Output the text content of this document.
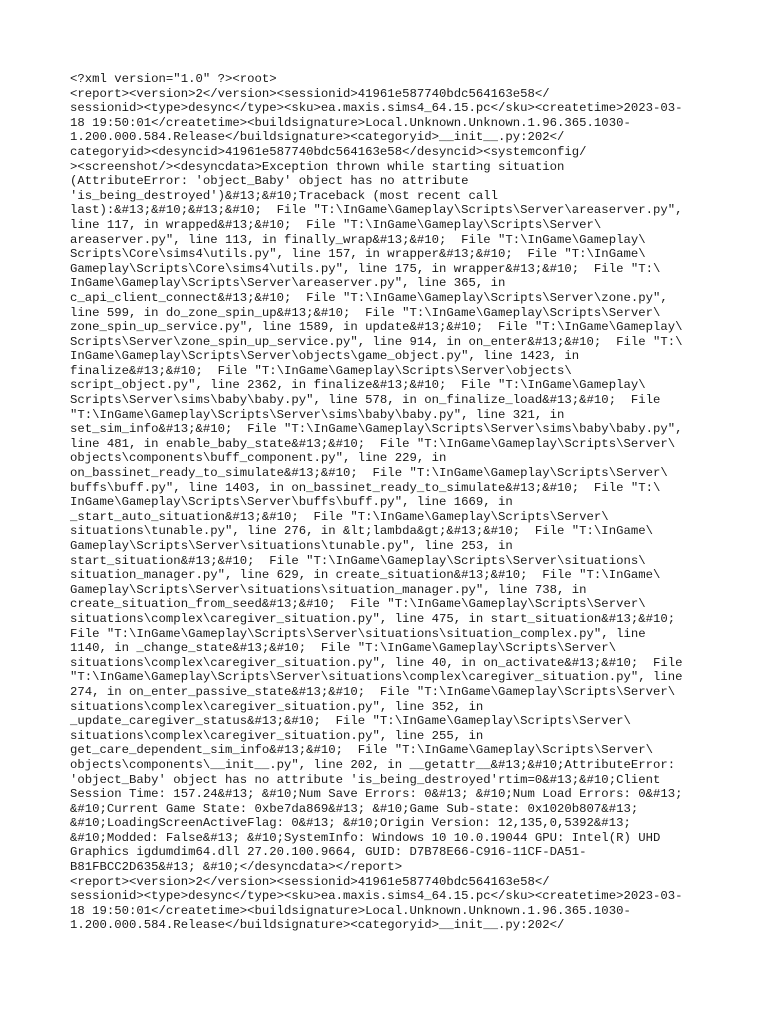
<?xml version="1.0" ?><root>
<report><version>2</version><sessionid>41961e587740bdc564163e58</
sessionid><type>desync</type><sku>ea.maxis.sims4_64.15.pc</sku><createtime>2023-03-
18 19:50:01</createtime><buildsignature>Local.Unknown.Unknown.1.96.365.1030-
1.200.000.584.Release</buildsignature><categoryid>__init__.py:202</
categoryid><desyncid>41961e587740bdc564163e58</desyncid><systemconfig/
><screenshot/><desyncdata>Exception thrown while starting situation
(AttributeError: 'object_Baby' object has no attribute
'is_being_destroyed')&#13;&#10;Traceback (most recent call
last):&#13;&#10;&#13;&#10;  File "T:\InGame\Gameplay\Scripts\Server\areaserver.py",
line 117, in wrapped&#13;&#10;  File "T:\InGame\Gameplay\Scripts\Server\
areaserver.py", line 113, in finally_wrap&#13;&#10;  File "T:\InGame\Gameplay\
Scripts\Core\sims4\utils.py", line 157, in wrapper&#13;&#10;  File "T:\InGame\
Gameplay\Scripts\Core\sims4\utils.py", line 175, in wrapper&#13;&#10;  File "T:\
InGame\Gameplay\Scripts\Server\areaserver.py", line 365, in
c_api_client_connect&#13;&#10;  File "T:\InGame\Gameplay\Scripts\Server\zone.py",
line 599, in do_zone_spin_up&#13;&#10;  File "T:\InGame\Gameplay\Scripts\Server\
zone_spin_up_service.py", line 1589, in update&#13;&#10;  File "T:\InGame\Gameplay\
Scripts\Server\zone_spin_up_service.py", line 914, in on_enter&#13;&#10;  File "T:\
InGame\Gameplay\Scripts\Server\objects\game_object.py", line 1423, in
finalize&#13;&#10;  File "T:\InGame\Gameplay\Scripts\Server\objects\
script_object.py", line 2362, in finalize&#13;&#10;  File "T:\InGame\Gameplay\
Scripts\Server\sims\baby\baby.py", line 578, in on_finalize_load&#13;&#10;  File
"T:\InGame\Gameplay\Scripts\Server\sims\baby\baby.py", line 321, in
set_sim_info&#13;&#10;  File "T:\InGame\Gameplay\Scripts\Server\sims\baby\baby.py",
line 481, in enable_baby_state&#13;&#10;  File "T:\InGame\Gameplay\Scripts\Server\
objects\components\buff_component.py", line 229, in
on_bassinet_ready_to_simulate&#13;&#10;  File "T:\InGame\Gameplay\Scripts\Server\
buffs\buff.py", line 1403, in on_bassinet_ready_to_simulate&#13;&#10;  File "T:\
InGame\Gameplay\Scripts\Server\buffs\buff.py", line 1669, in
_start_auto_situation&#13;&#10;  File "T:\InGame\Gameplay\Scripts\Server\
situations\tunable.py", line 276, in &lt;lambda&gt;&#13;&#10;  File "T:\InGame\
Gameplay\Scripts\Server\situations\tunable.py", line 253, in
start_situation&#13;&#10;  File "T:\InGame\Gameplay\Scripts\Server\situations\
situation_manager.py", line 629, in create_situation&#13;&#10;  File "T:\InGame\
Gameplay\Scripts\Server\situations\situation_manager.py", line 738, in
create_situation_from_seed&#13;&#10;  File "T:\InGame\Gameplay\Scripts\Server\
situations\complex\caregiver_situation.py", line 475, in start_situation&#13;&#10;
File "T:\InGame\Gameplay\Scripts\Server\situations\situation_complex.py", line
1140, in _change_state&#13;&#10;  File "T:\InGame\Gameplay\Scripts\Server\
situations\complex\caregiver_situation.py", line 40, in on_activate&#13;&#10;  File
"T:\InGame\Gameplay\Scripts\Server\situations\complex\caregiver_situation.py", line
274, in on_enter_passive_state&#13;&#10;  File "T:\InGame\Gameplay\Scripts\Server\
situations\complex\caregiver_situation.py", line 352, in
_update_caregiver_status&#13;&#10;  File "T:\InGame\Gameplay\Scripts\Server\
situations\complex\caregiver_situation.py", line 255, in
get_care_dependent_sim_info&#13;&#10;  File "T:\InGame\Gameplay\Scripts\Server\
objects\components\__init__.py", line 202, in __getattr__&#13;&#10;AttributeError:
'object_Baby' object has no attribute 'is_being_destroyed'rtim=0&#13;&#10;Client
Session Time: 157.24&#13; &#10;Num Save Errors: 0&#13; &#10;Num Load Errors: 0&#13;
&#10;Current Game State: 0xbe7da869&#13; &#10;Game Sub-state: 0x1020b807&#13;
&#10;LoadingScreenActiveFlag: 0&#13; &#10;Origin Version: 12,135,0,5392&#13;
&#10;Modded: False&#13; &#10;SystemInfo: Windows 10 10.0.19044 GPU: Intel(R) UHD
Graphics igdumdim64.dll 27.20.100.9664, GUID: D7B78E66-C916-11CF-DA51-
B81FBCC2D635&#13; &#10;</desyncdata></report>
<report><version>2</version><sessionid>41961e587740bdc564163e58</
sessionid><type>desync</type><sku>ea.maxis.sims4_64.15.pc</sku><createtime>2023-03-
18 19:50:01</createtime><buildsignature>Local.Unknown.Unknown.1.96.365.1030-
1.200.000.584.Release</buildsignature><categoryid>__init__.py:202</
